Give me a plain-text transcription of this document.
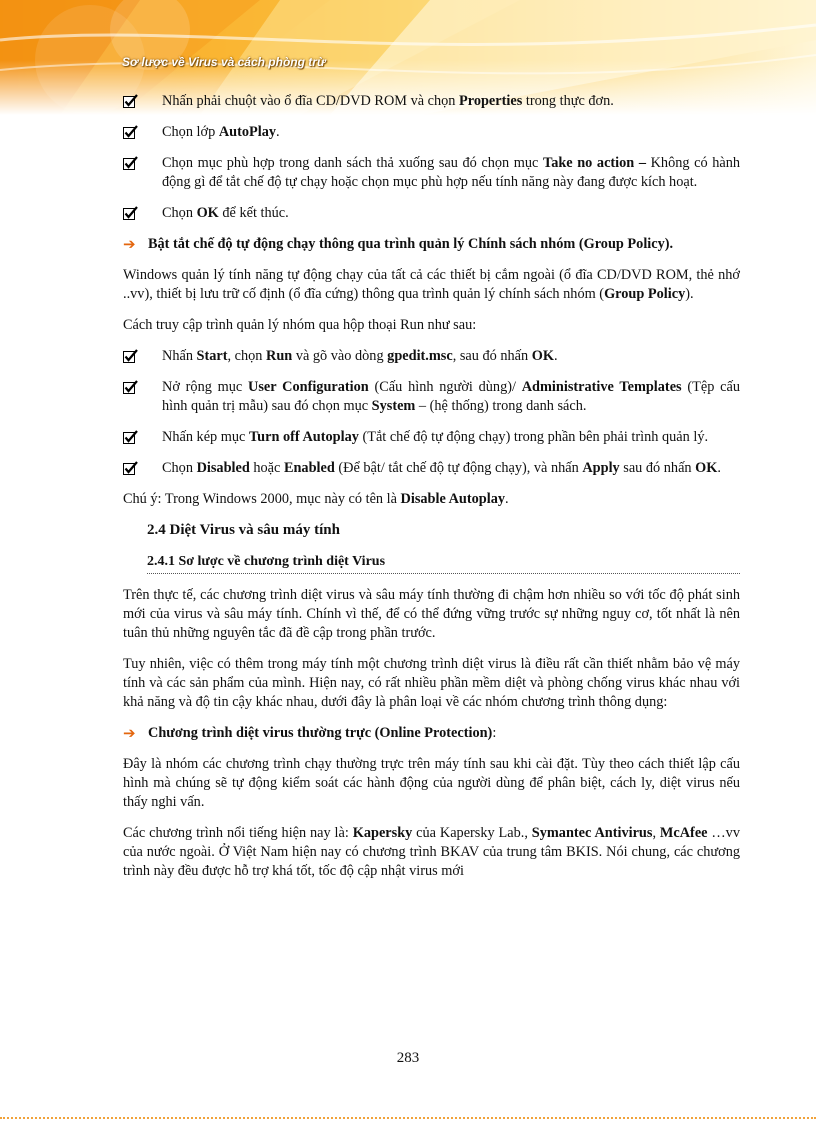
Sơ lược về Virus và cách phòng trừ
Nhấn phải chuột vào ổ đĩa CD/DVD ROM và chọn Properties trong thực đơn.
Chọn lớp AutoPlay.
Chọn mục phù hợp trong danh sách thả xuống sau đó chọn mục Take no action – Không có hành động gì để tắt chế độ tự chạy hoặc chọn mục phù hợp nếu tính năng này đang được kích hoạt.
Chọn OK để kết thúc.
➔ Bật tắt chế độ tự động chạy thông qua trình quản lý Chính sách nhóm (Group Policy).

Windows quản lý tính năng tự động chạy của tất cả các thiết bị cắm ngoài (ổ đĩa CD/DVD ROM, thẻ nhớ ..vv), thiết bị lưu trữ cố định (ổ đĩa cứng) thông qua trình quản lý chính sách nhóm (Group Policy).

Cách truy cập trình quản lý nhóm qua hộp thoại Run như sau:

Nhấn Start, chọn Run và gõ vào dòng gpedit.msc, sau đó nhấn OK.
Nở rộng mục User Configuration (Cấu hình người dùng)/ Administrative Templates (Tệp cấu hình quản trị mẫu) sau đó chọn mục System – (hệ thống) trong danh sách.
Nhấn kép mục Turn off Autoplay (Tắt chế độ tự động chạy) trong phần bên phải trình quản lý.
Chọn Disabled hoặc Enabled (Để bật/ tắt chế độ tự động chạy), và nhấn Apply sau đó nhấn OK.

Chú ý: Trong Windows 2000, mục này có tên là Disable Autoplay.

2.4 Diệt Virus và sâu máy tính
2.4.1 Sơ lược về chương trình diệt Virus

Trên thực tế, các chương trình diệt virus và sâu máy tính thường đi chậm hơn nhiều so với tốc độ phát sinh mới của virus và sâu máy tính. Chính vì thế, để có thể đứng vững trước sự những nguy cơ, tốt nhất là nên tuân thủ những nguyên tắc đã đề cập trong phần trước.

Tuy nhiên, việc có thêm trong máy tính một chương trình diệt virus là điều rất cần thiết nhằm bảo vệ máy tính và các sản phẩm của mình. Hiện nay, có rất nhiều phần mềm diệt và phòng chống virus khác nhau với khả năng và độ tin cậy khác nhau, dưới đây là phân loại về các nhóm chương trình thông dụng:

➔ Chương trình diệt virus thường trực (Online Protection):

Đây là nhóm các chương trình chạy thường trực trên máy tính sau khi cài đặt. Tùy theo cách thiết lập cấu hình mà chúng sẽ tự động kiểm soát các hành động của người dùng để phân biệt, cách ly, diệt virus nếu thấy nghi vấn.

Các chương trình nổi tiếng hiện nay là: Kapersky của Kapersky Lab., Symantec Antivirus, McAfee …vv của nước ngoài. Ở Việt Nam hiện nay có chương trình BKAV của trung tâm BKIS. Nói chung, các chương trình này đều được hỗ trợ khá tốt, tốc độ cập nhật virus mới

283
